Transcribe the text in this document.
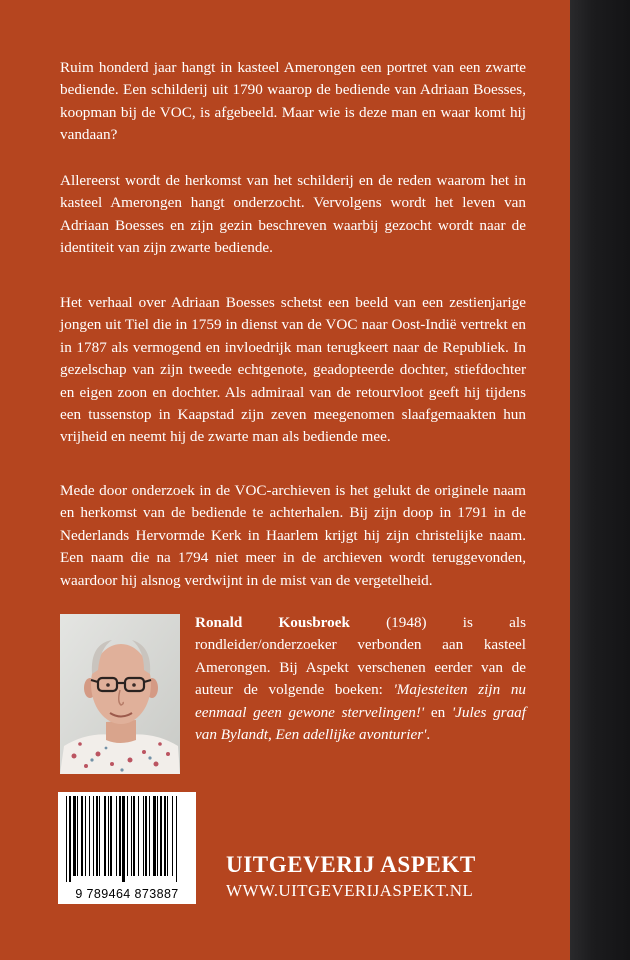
Ruim honderd jaar hangt in kasteel Amerongen een portret van een zwarte bediende. Een schilderij uit 1790 waarop de bediende van Adriaan Boesses, koopman bij de VOC, is afgebeeld. Maar wie is deze man en waar komt hij vandaan?

Allereerst wordt de herkomst van het schilderij en de reden waarom het in kasteel Amerongen hangt onderzocht. Vervolgens wordt het leven van Adriaan Boesses en zijn gezin beschreven waarbij gezocht wordt naar de identiteit van zijn zwarte bediende.

Het verhaal over Adriaan Boesses schetst een beeld van een zestienjarige jongen uit Tiel die in 1759 in dienst van de VOC naar Oost-Indië vertrekt en in 1787 als vermogend en invloedrijk man terugkeert naar de Republiek. In gezelschap van zijn tweede echtgenote, geadopteerde dochter, stiefdochter en eigen zoon en dochter. Als admiraal van de retourvloot geeft hij tijdens een tussenstop in Kaapstad zijn zeven meegenomen slaafgemaakten hun vrijheid en neemt hij de zwarte man als bediende mee.

Mede door onderzoek in de VOC-archieven is het gelukt de originele naam en herkomst van de bediende te achterhalen. Bij zijn doop in 1791 in de Nederlands Hervormde Kerk in Haarlem krijgt hij zijn christelijke naam. Een naam die na 1794 niet meer in de archieven wordt teruggevonden, waardoor hij alsnog verdwijnt in de mist van de vergetelheid.

Ronald Kousbroek (1948) is als rondleider/onderzoeker verbonden aan kasteel Amerongen. Bij Aspekt verschenen eerder van de auteur de volgende boeken: 'Majesteiten zijn nu eenmaal geen gewone stervelingen!' en 'Jules graaf van Bylandt, Een adellijke avonturier'.

9 789464 873887

UITGEVERIJ ASPEKT

WWW.UITGEVERIJASPEKT.NL
